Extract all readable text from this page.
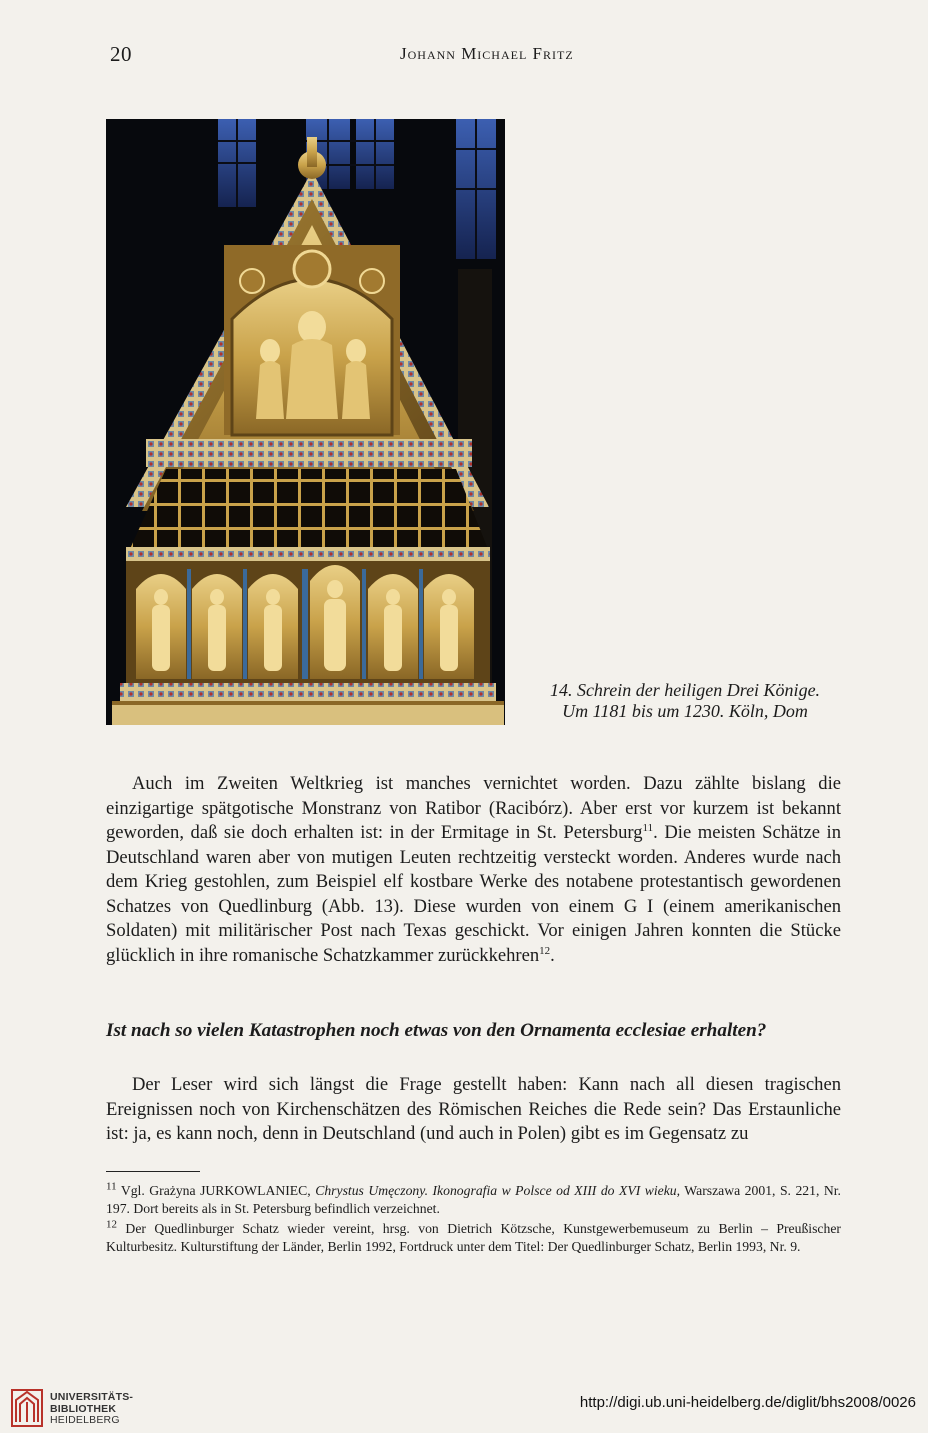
20	Johann Michael Fritz
14. Schrein der heiligen Drei Könige.
Um 1181 bis um 1230. Köln, Dom
Auch im Zweiten Weltkrieg ist manches vernichtet worden. Dazu zählte bislang die einzigartige spätgotische Monstranz von Ratibor (Racibórz). Aber erst vor kurzem ist bekannt geworden, daß sie doch erhalten ist: in der Ermitage in St. Petersburg$^{11}$. Die meisten Schätze in Deutschland waren aber von mutigen Leuten rechtzeitig versteckt worden. Anderes wurde nach dem Krieg gestohlen, zum Beispiel elf kostbare Werke des notabene protestantisch gewordenen Schatzes von Quedlinburg (Abb. 13). Diese wurden von einem G I (einem amerikanischen Soldaten) mit militärischer Post nach Texas geschickt. Vor einigen Jahren konnten die Stücke glücklich in ihre romanische Schatzkammer zurückkehren$^{12}$.
Ist nach so vielen Katastrophen noch etwas von den Ornamenta ecclesiae erhalten?
Der Leser wird sich längst die Frage gestellt haben: Kann nach all diesen tragischen Ereignissen noch von Kirchenschätzen des Römischen Reiches die Rede sein? Das Erstaunliche ist: ja, es kann noch, denn in Deutschland (und auch in Polen) gibt es im Gegensatz zu
$^{11}$ Vgl. Grażyna JURKOWLANIEC, Chrystus Umęczony. Ikonografia w Polsce od XIII do XVI wieku, Warszawa 2001, S. 221, Nr. 197. Dort bereits als in St. Petersburg befindlich verzeichnet.
$^{12}$ Der Quedlinburger Schatz wieder vereint, hrsg. von Dietrich Kötzsche, Kunstgewerbemuseum zu Berlin – Preußischer Kulturbesitz. Kulturstiftung der Länder, Berlin 1992, Fortdruck unter dem Titel: Der Quedlinburger Schatz, Berlin 1993, Nr. 9.
UNIVERSITÄTS-
BIBLIOTHEK
HEIDELBERG
http://digi.ub.uni-heidelberg.de/diglit/bhs2008/0026
